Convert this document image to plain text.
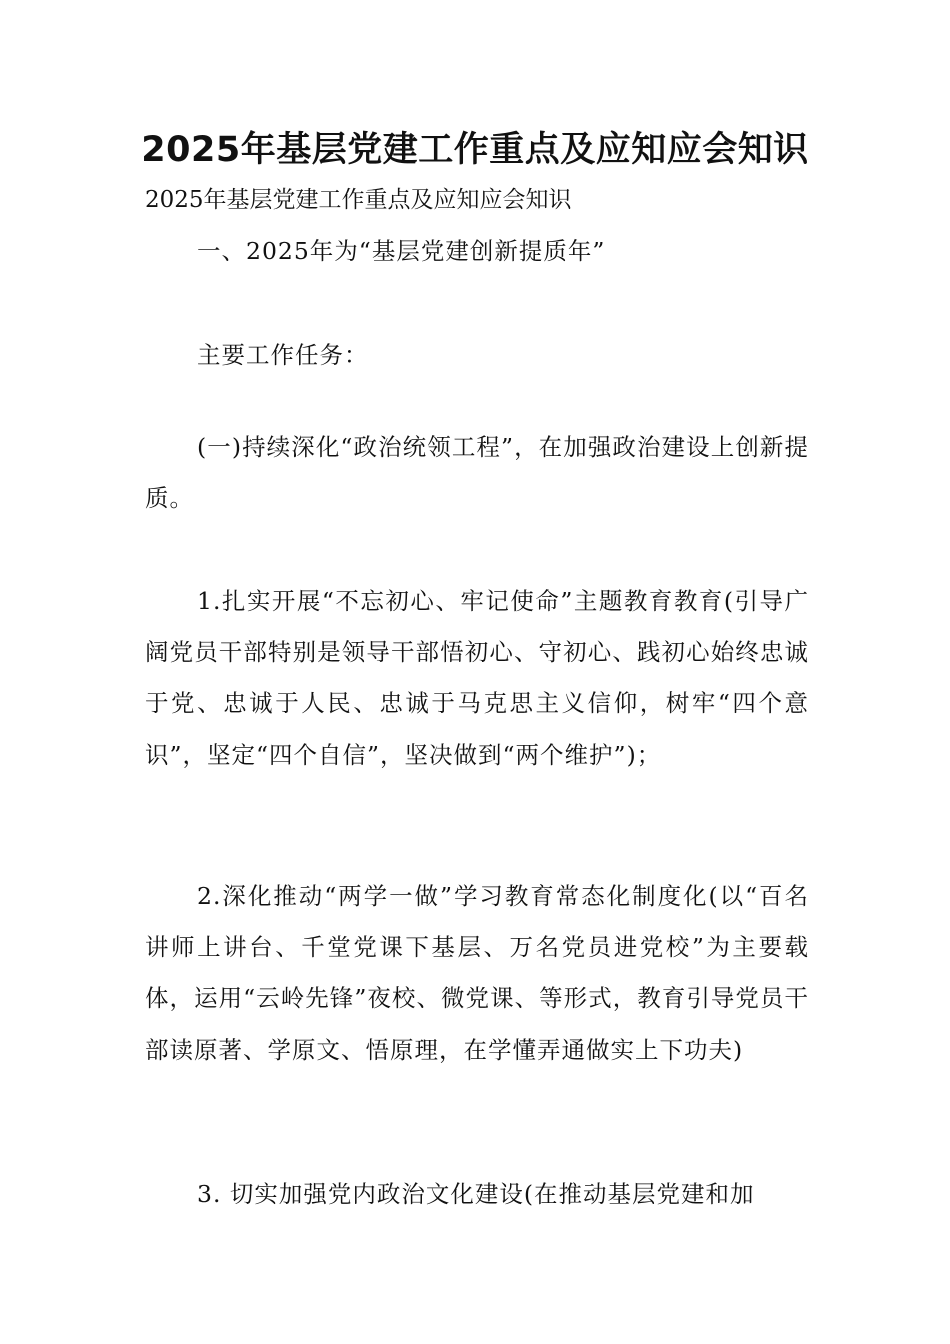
2025年基层党建工作重点及应知应会知识

2025年基层党建工作重点及应知应会知识

一、2025年为“基层党建创新提质年”

主要工作任务：

(一)持续深化“政治统领工程”，在加强政治建设上创新提质。

1.扎实开展“不忘初心、牢记使命”主题教育教育(引导广阔党员干部特别是领导干部悟初心、守初心、践初心始终忠诚于党、忠诚于人民、忠诚于马克思主义信仰，树牢“四个意识”，坚定“四个自信”，坚决做到“两个维护”)；

2.深化推动“两学一做”学习教育常态化制度化(以“百名讲师上讲台、千堂党课下基层、万名党员进党校”为主要载体，运用“云岭先锋”夜校、微党课、等形式，教育引导党员干部读原著、学原文、悟原理，在学懂弄通做实上下功夫)

3. 切实加强党内政治文化建设(在推动基层党建和加
